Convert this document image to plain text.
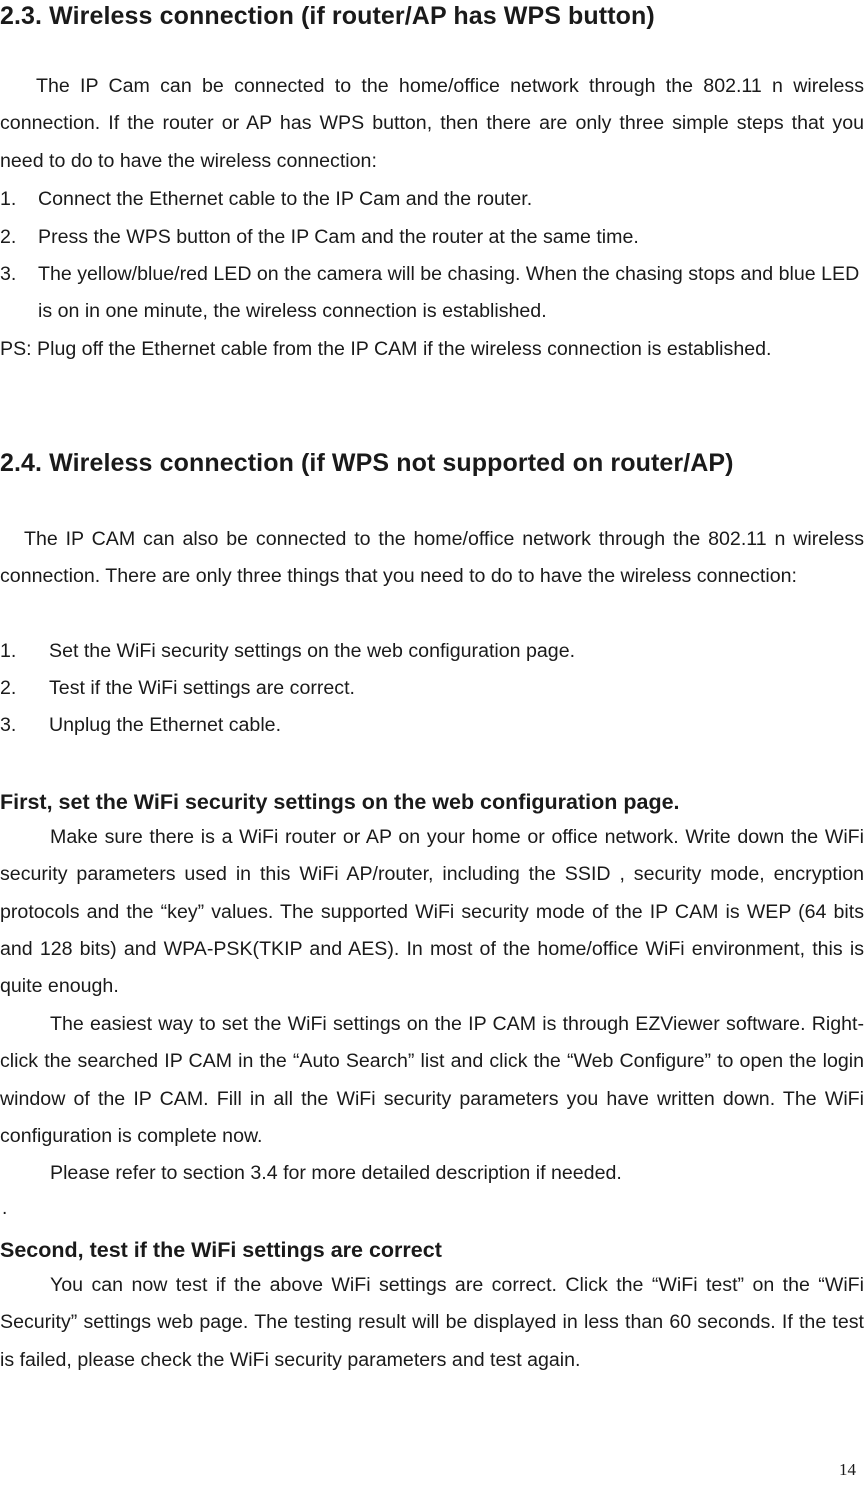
2.3. Wireless connection (if router/AP has WPS button)

The IP Cam can be connected to the home/office network through the 802.11 n wireless connection. If the router or AP has WPS button, then there are only three simple steps that you need to do to have the wireless connection:

1. Connect the Ethernet cable to the IP Cam and the router.
2. Press the WPS button of the IP Cam and the router at the same time.
3. The yellow/blue/red LED on the camera will be chasing. When the chasing stops and blue LED is on in one minute, the wireless connection is established.

PS: Plug off the Ethernet cable from the IP CAM if the wireless connection is established.

2.4. Wireless connection (if WPS not supported on router/AP)

The IP CAM can also be connected to the home/office network through the 802.11 n wireless connection. There are only three things that you need to do to have the wireless connection:

1. Set the WiFi security settings on the web configuration page.
2. Test if the WiFi settings are correct.
3. Unplug the Ethernet cable.
First, set the WiFi security settings on the web configuration page.

Make sure there is a WiFi router or AP on your home or office network. Write down the WiFi security parameters used in this WiFi AP/router, including the SSID , security mode, encryption protocols and the “key” values. The supported WiFi security mode of the IP CAM is WEP (64 bits and 128 bits) and WPA-PSK(TKIP and AES). In most of the home/office WiFi environment, this is quite enough.

The easiest way to set the WiFi settings on the IP CAM is through EZViewer software. Right-click the searched IP CAM in the “Auto Search” list and click the “Web Configure” to open the login window of the IP CAM. Fill in all the WiFi security parameters you have written down. The WiFi configuration is complete now.

Please refer to section 3.4 for more detailed description if needed.

.
Second, test if the WiFi settings are correct

You can now test if the above WiFi settings are correct. Click the “WiFi test” on the “WiFi Security” settings web page. The testing result will be displayed in less than 60 seconds. If the test is failed, please check the WiFi security parameters and test again.

14
